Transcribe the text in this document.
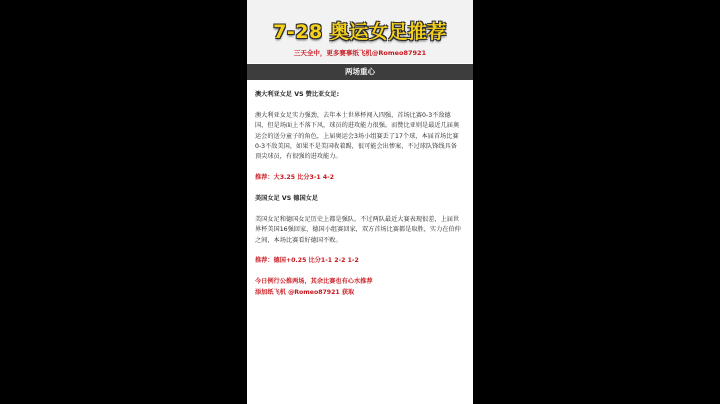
7-28 奥运女足推荐
三天全中，更多赛事纸飞机@Romeo87921
两场重心

澳大利亚女足 VS 赞比亚女足:

澳大利亚女足实力强劲，去年本土世界杯闯入四强，首场比赛0-3不敌德国，但是场面上不落下风，球员的进攻能力很强。而赞比亚则是最近几届奥运会的送分童子的角色，上届奥运会3场小组赛丢了17个球，本届首场比赛0-3不敌美国，如果不是美国收着踢，很可能会出惨案，不过球队锋线具备顶尖球员，有很强的进攻能力。

推荐：大3.25 比分3-1 4-2

美国女足 VS 德国女足

美国女足和德国女足历史上都是强队，不过两队最近大赛表现很差，上届世界杯美国16强回家，德国小组赛回家，双方首场比赛都是取胜，实力在伯仲之间，本场比赛看好德国不败。

推荐：德国+0.25 比分1-1 2-2 1-2

今日例行公推两场，其余比赛也有心水推荐

添加纸飞机 @Romeo87921 获取
